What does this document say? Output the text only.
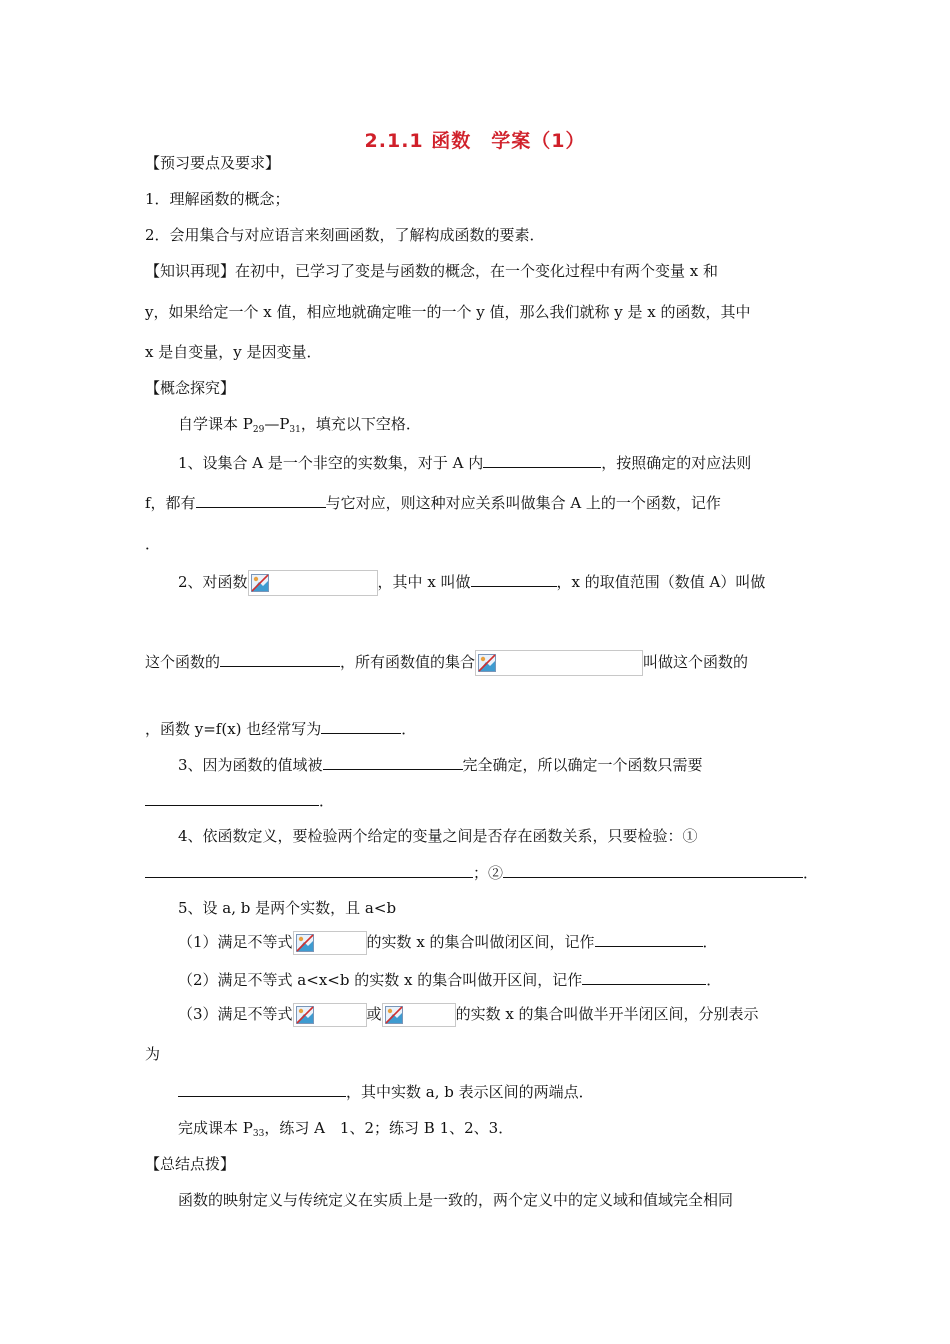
2.1.1 函数　学案（1）
【预习要点及要求】
1．理解函数的概念；
2．会用集合与对应语言来刻画函数，了解构成函数的要素．
【知识再现】在初中，已学习了变是与函数的概念，在一个变化过程中有两个变量 x 和
y，如果给定一个 x 值，相应地就确定唯一的一个 y 值，那么我们就称 y 是 x 的函数，其中
x 是自变量，y 是因变量．
【概念探究】
自学课本 $P_{29}—P_{31}$，填充以下空格．
1、设集合 A 是一个非空的实数集，对于 A 内	，按照确定的对应法则
f，都有	与它对应，则这种对应关系叫做集合 A 上的一个函数，记作
．
2、对函数	，其中 x 叫做	，x 的取值范围（数值 A）叫做
这个函数的	，所有函数值的集合	叫做这个函数的
，函数 y=f(x) 也经常写为	．
3、因为函数的值域被	完全确定，所以确定一个函数只需要
．
4、依函数定义，要检验两个给定的变量之间是否存在函数关系，只要检验：①
；②	．
5、设 a, b 是两个实数，且 a<b
（1）满足不等式	的实数 x 的集合叫做闭区间，记作	．
（2）满足不等式 a<x<b 的实数 x 的集合叫做开区间，记作	．
（3）满足不等式	或	的实数 x 的集合叫做半开半闭区间，分别表示
为
，其中实数 a, b 表示区间的两端点．
完成课本 $P_{33}$，练习 A　1、2；练习 B 1、2、3．
【总结点拨】
函数的映射定义与传统定义在实质上是一致的，两个定义中的定义域和值域完全相同
